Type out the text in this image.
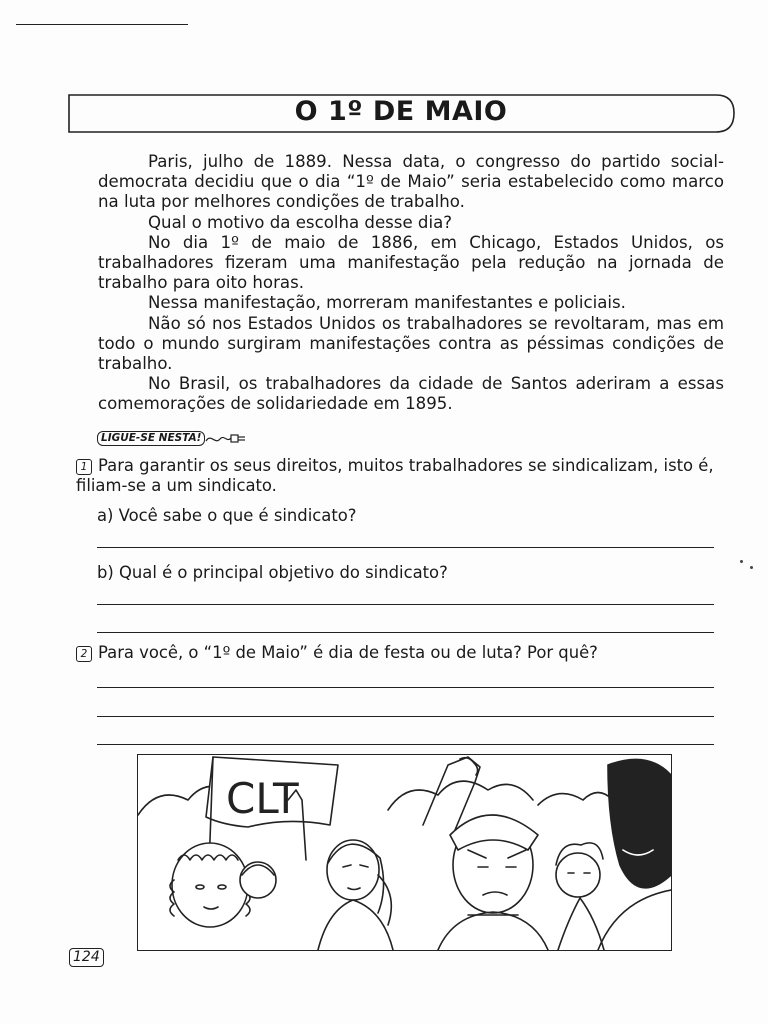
O 1º DE MAIO

Paris, julho de 1889. Nessa data, o congresso do partido social-democrata decidiu que o dia “1º de Maio” seria estabelecido como marco na luta por melhores condições de trabalho.

Qual o motivo da escolha desse dia?

No dia 1º de maio de 1886, em Chicago, Estados Unidos, os trabalhadores fizeram uma manifestação pela redução na jornada de trabalho para oito horas.

Nessa manifestação, morreram manifestantes e policiais.

Não só nos Estados Unidos os trabalhadores se revoltaram, mas em todo o mundo surgiram manifestações contra as péssimas condições de trabalho.

No Brasil, os trabalhadores da cidade de Santos aderiram a essas comemorações de solidariedade em 1895.

LIGUE-SE NESTA!
1 Para garantir os seus direitos, muitos trabalhadores se sindicalizam, isto é, filiam-se a um sindicato.
a) Você sabe o que é sindicato?
b) Qual é o principal objetivo do sindicato?
2 Para você, o “1º de Maio” é dia de festa ou de luta? Por quê?
CLT
124
